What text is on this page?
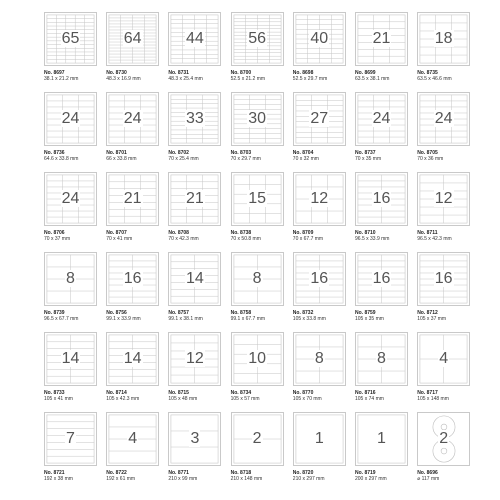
65
No. 8697
38.1 x 21.2 mm
64
No. 8730
48.3 x 16.9 mm
44
No. 8731
48.3 x 25.4 mm
56
No. 8700
52.5 x 21.2 mm
40
No. 8698
52.5 x 29.7 mm
21
No. 8699
63.5 x 38.1 mm
18
No. 8735
63.5 x 46.6 mm
24
No. 8736
64.6 x 33.8 mm
24
No. 8701
66 x 33.8 mm
33
No. 8702
70 x 25.4 mm
30
No. 8703
70 x 29.7 mm
27
No. 8704
70 x 32 mm
24
No. 8737
70 x 35 mm
24
No. 8705
70 x 36 mm
24
No. 8706
70 x 37 mm
21
No. 8707
70 x 41 mm
21
No. 8708
70 x 42.3 mm
15
No. 8738
70 x 50.8 mm
12
No. 8709
70 x 67.7 mm
16
No. 8710
96.5 x 33.9 mm
12
No. 8711
96.5 x 42.3 mm
8
No. 8739
96.5 x 67.7 mm
16
No. 8756
99.1 x 33.9 mm
14
No. 8757
99.1 x 38.1 mm
8
No. 8758
99.1 x 67.7 mm
16
No. 8732
105 x 33.8 mm
16
No. 8759
105 x 35 mm
16
No. 8712
105 x 37 mm
14
No. 8733
105 x 41 mm
14
No. 8714
105 x 42.3 mm
12
No. 8715
105 x 48 mm
10
No. 8734
105 x 57 mm
8
No. 8770
105 x 70 mm
8
No. 8716
105 x 74 mm
4
No. 8717
105 x 148 mm
7
No. 8721
192 x 38 mm
4
No. 8722
192 x 61 mm
3
No. 8771
210 x 99 mm
2
No. 8718
210 x 148 mm
1
No. 8720
210 x 297 mm
1
No. 8719
200 x 297 mm
2
No. 8696
⌀ 117 mm
